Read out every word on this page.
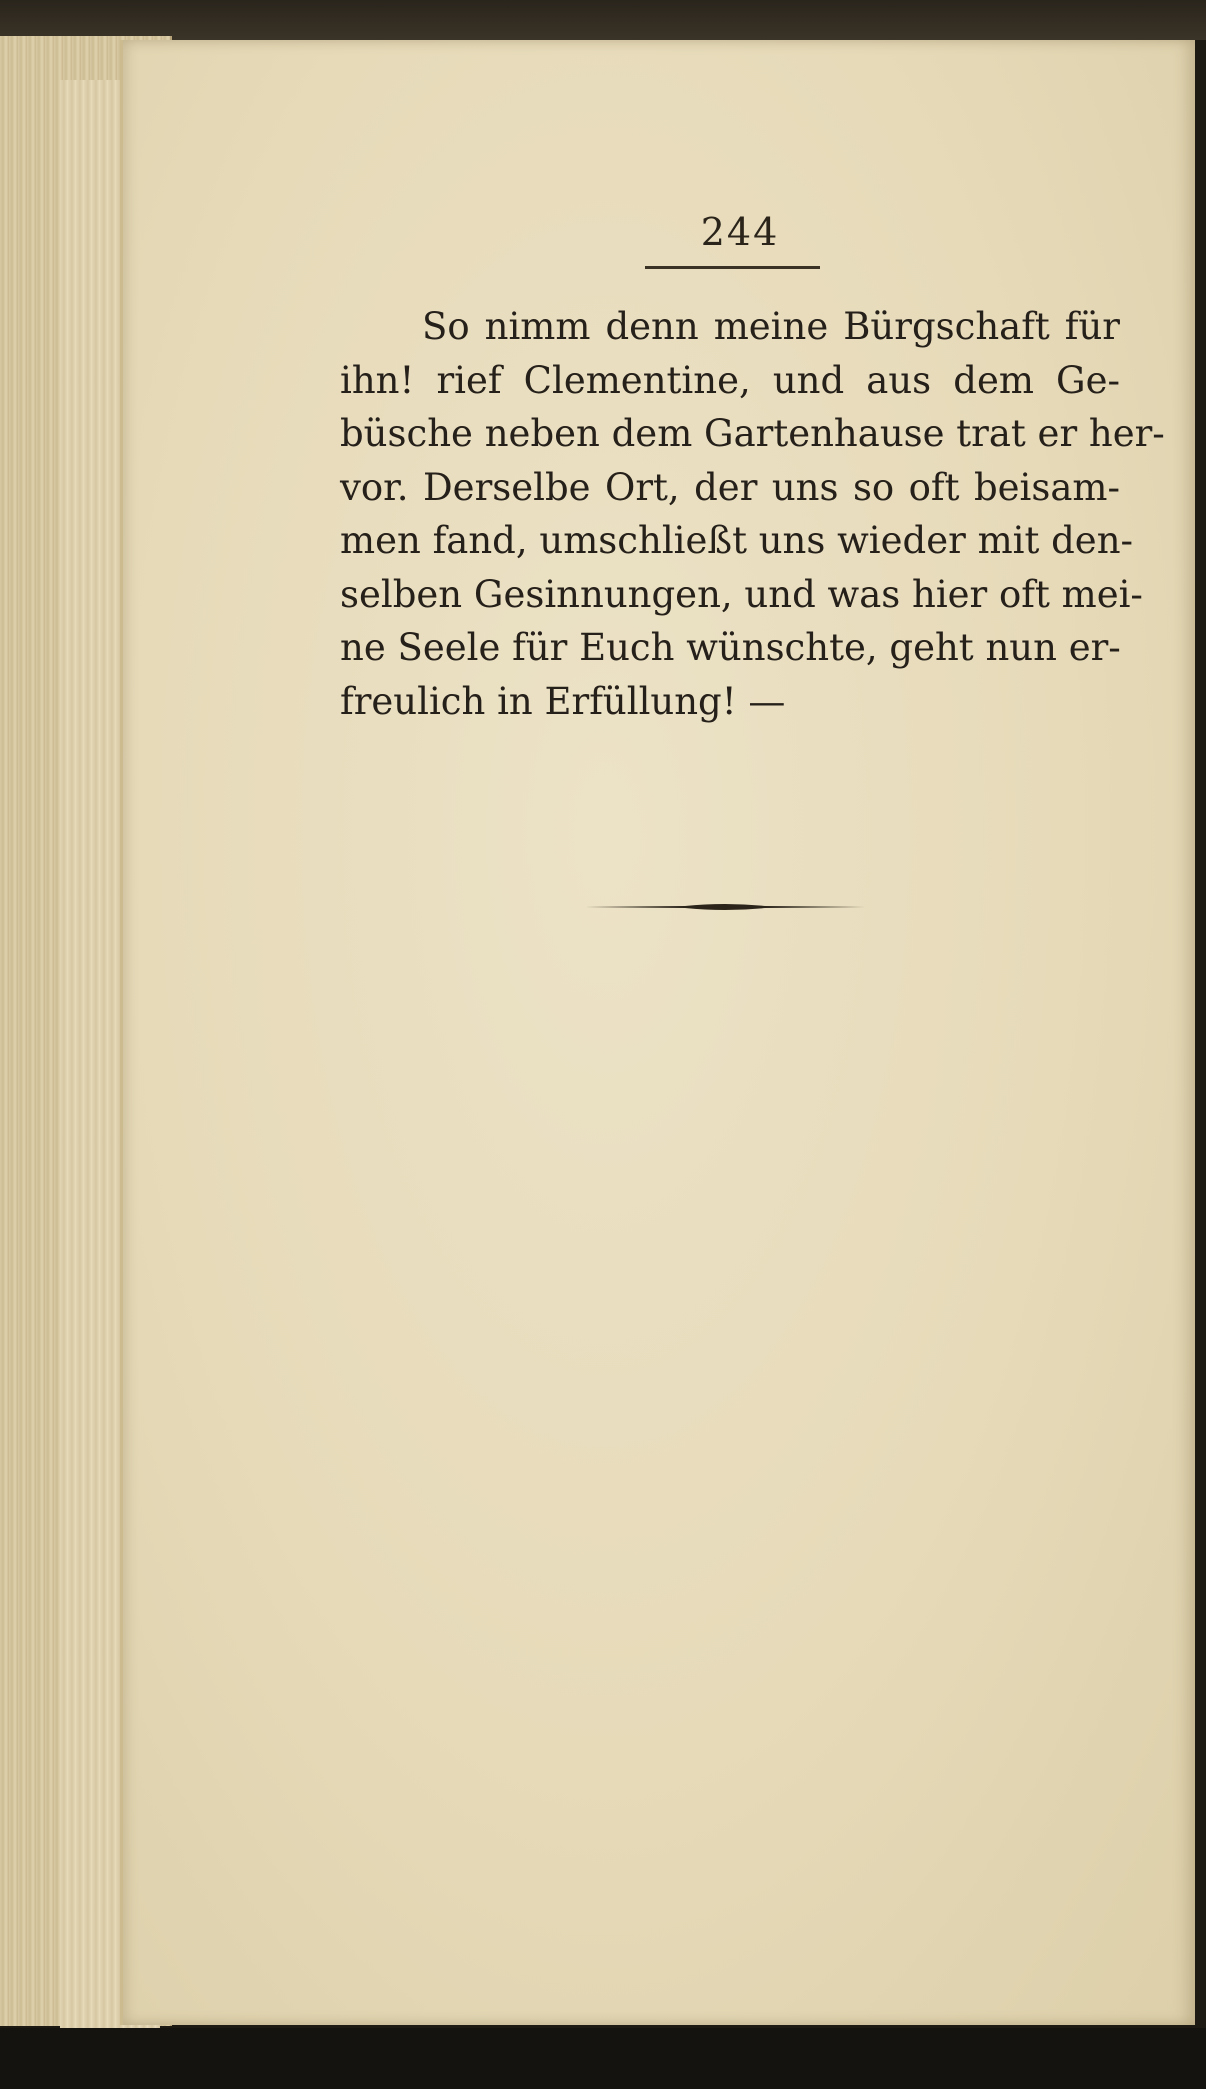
244
So nimm denn meine Bürgschaft für
ihn! rief Clementine, und aus dem Ge-
büsche neben dem Gartenhause trat er her-
vor. Derselbe Ort, der uns so oft beisam-
men fand, umschließt uns wieder mit den-
selben Gesinnungen, und was hier oft mei-
ne Seele für Euch wünschte, geht nun er-
freulich in Erfüllung! —
